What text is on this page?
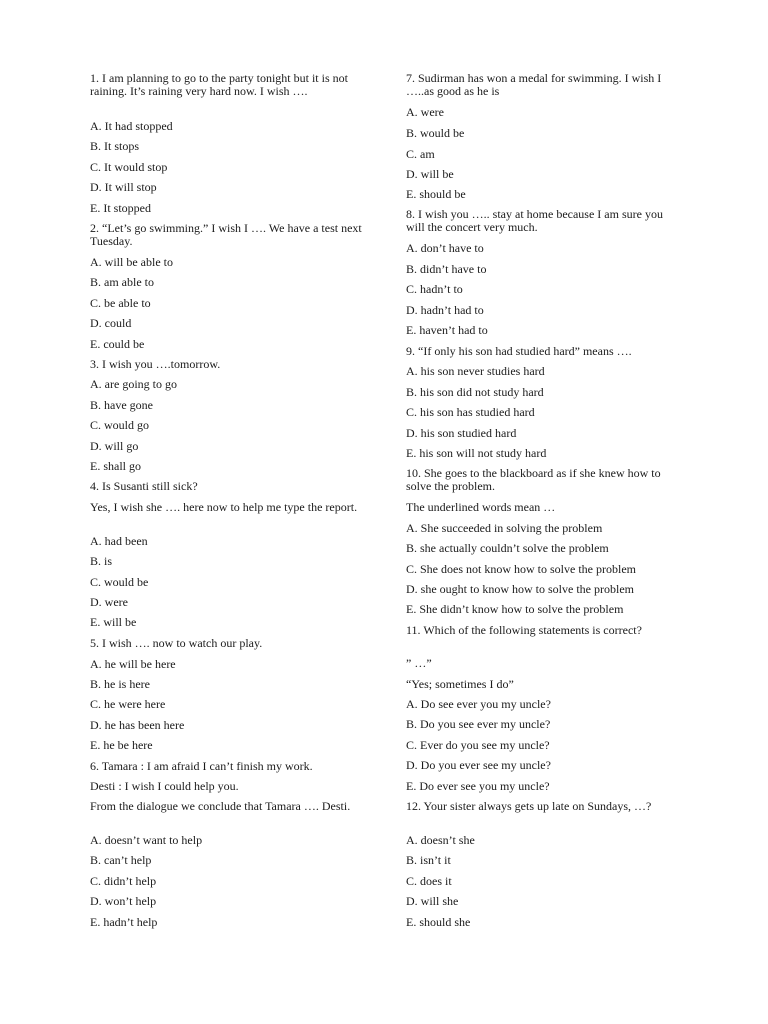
1. I am planning to go to the party tonight but it is not raining. It’s raining very hard now. I wish ….
A. It had stopped
B. It stops
C. It would stop
D. It will stop
E. It stopped
2. “Let’s go swimming.” I wish I …. We have a test next Tuesday.
A. will be able to
B. am able to
C. be able to
D. could
E. could be
3. I wish you ….tomorrow.
A. are going to go
B. have gone
C. would go
D. will go
E. shall go
4. Is Susanti still sick?
Yes, I wish she …. here now to help me type the report.
A. had been
B. is
C. would be
D. were
E. will be
5. I wish …. now to watch our play.
A. he will be here
B. he is here
C. he were here
D. he has been here
E. he be here
6. Tamara : I am afraid I can’t finish my work.
Desti : I wish I could help you.
From the dialogue we conclude that Tamara …. Desti.
A. doesn’t want to help
B. can’t help
C. didn’t help
D. won’t help
E. hadn’t help
7. Sudirman has won a medal for swimming. I wish I …..as good as he is
A. were
B. would be
C. am
D. will be
E. should be
8. I wish you ….. stay at home because I am sure you will the concert very much.
A. don’t have to
B. didn’t have to
C. hadn’t to
D. hadn’t had to
E. haven’t had to
9. “If only his son had studied hard” means ….
A. his son never studies hard
B. his son did not study hard
C. his son has studied hard
D. his son studied hard
E. his son will not study hard
10. She goes to the blackboard as if she knew how to solve the problem.
The underlined words mean …
A. She succeeded in solving the problem
B. she actually couldn’t solve the problem
C. She does not know how to solve the problem
D. she ought to know how to solve the problem
E. She didn’t know how to solve the problem
11. Which of the following statements is correct?
” …”
“Yes; sometimes I do”
A. Do see ever you my uncle?
B. Do you see ever my uncle?
C. Ever do you see my uncle?
D. Do you ever see my uncle?
E. Do ever see you my uncle?
12. Your sister always gets up late on Sundays, …?
A. doesn’t she
B. isn’t it
C. does it
D. will she
E. should she
